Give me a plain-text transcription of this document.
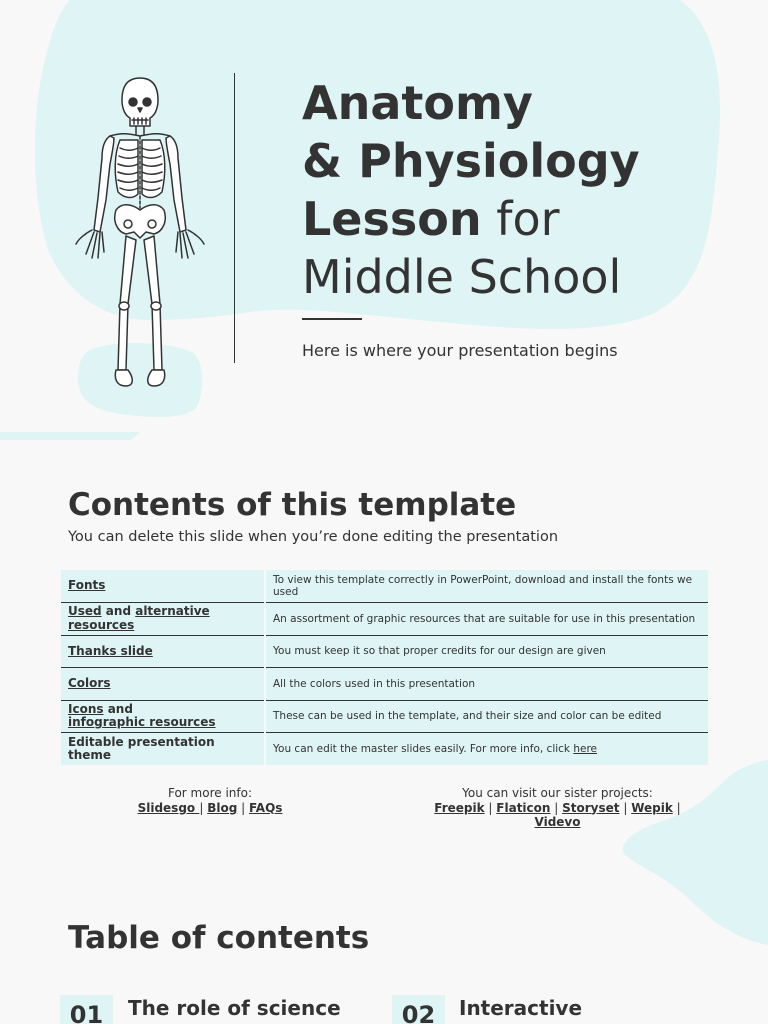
Anatomy
& Physiology
Lesson for
Middle School
Here is where your presentation begins
Contents of this template
You can delete this slide when you’re done editing the presentation
Fonts	To view this template correctly in PowerPoint, download and install the fonts we used
Used and alternative
resources	An assortment of graphic resources that are suitable for use in this presentation
Thanks slide	You must keep it so that proper credits for our design are given
Colors	All the colors used in this presentation
Icons and
infographic resources	These can be used in the template, and their size and color can be edited
Editable presentation theme	You can edit the master slides easily. For more info, click here
For more info:
Slidesgo | Blog | FAQs
You can visit our sister projects:
Freepik | Flaticon | Storyset | Wepik |
Videvo
Table of contents
01	The role of science	02	Interactive
